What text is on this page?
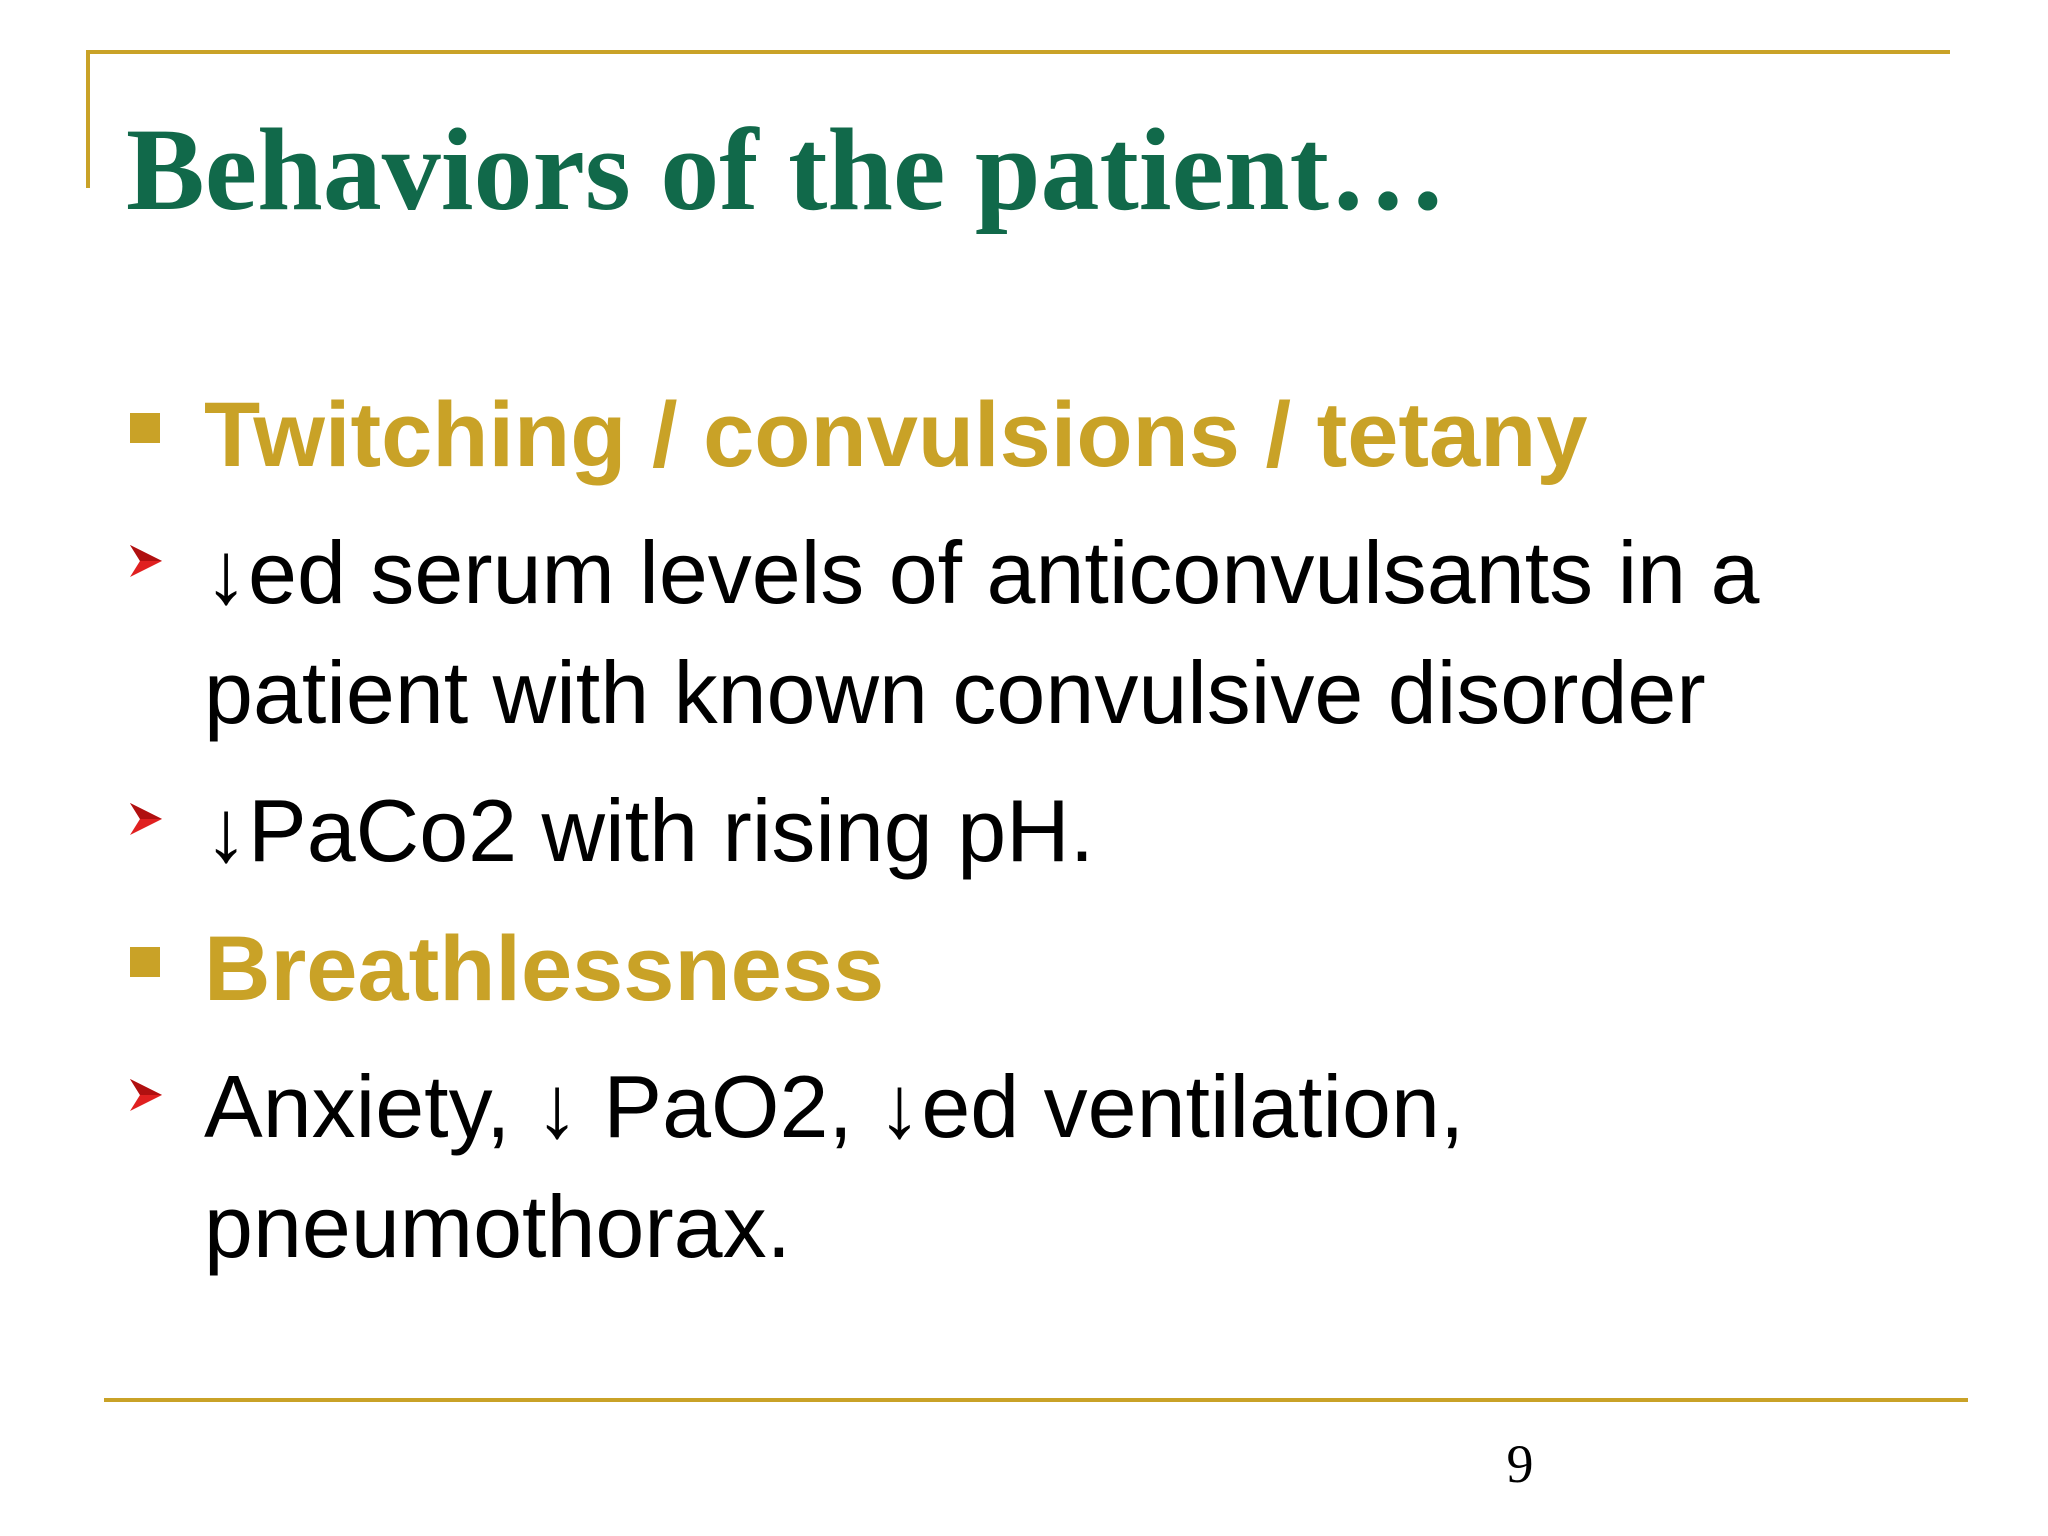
Behaviors of the patient…
Twitching / convulsions / tetany
↓ed serum levels of anticonvulsants in a patient with known convulsive disorder
↓PaCo2 with rising pH.
Breathlessness
Anxiety, ↓ PaO2, ↓ed ventilation, pneumothorax.
9
